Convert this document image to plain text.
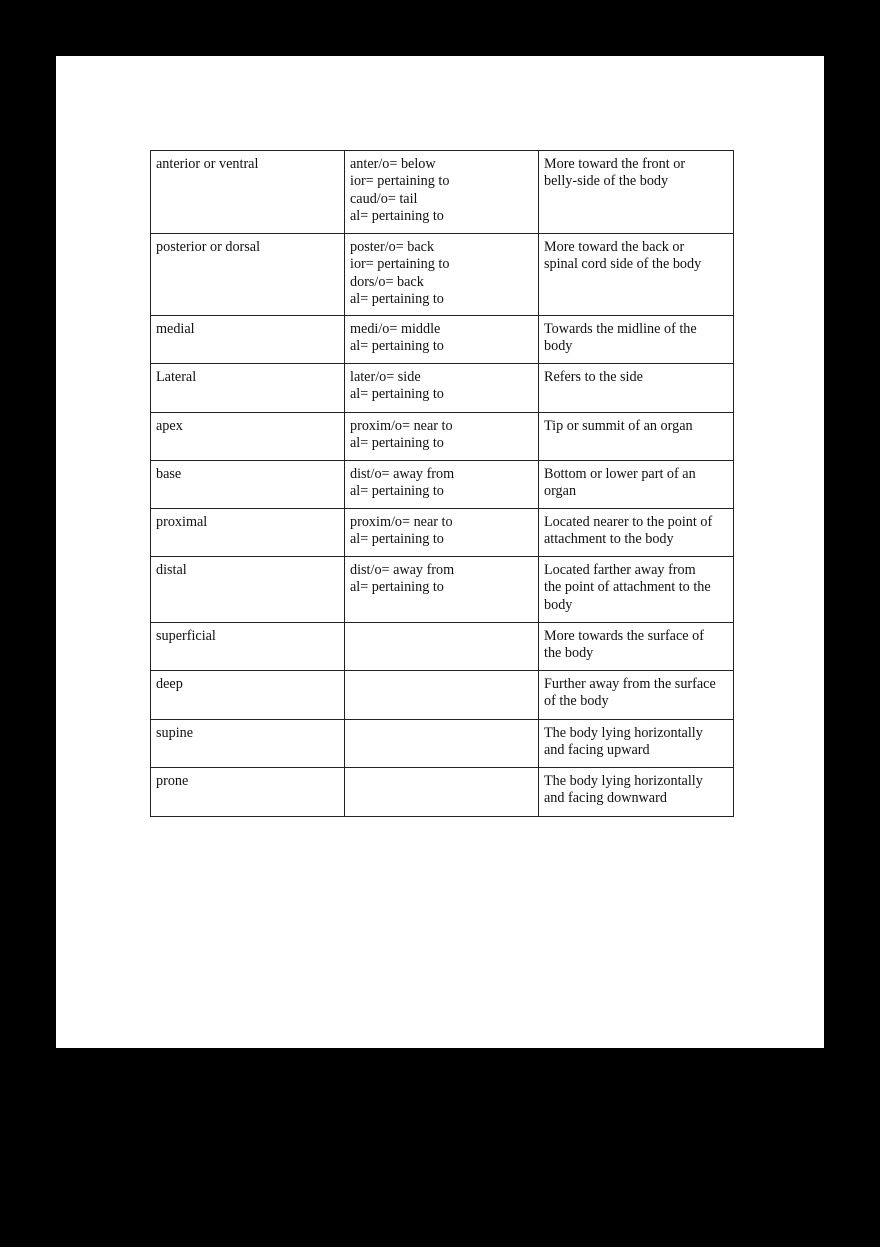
anterior or ventral	anter/o= below
ior= pertaining to
caud/o= tail
al= pertaining to	More toward the front or
belly-side of the body

posterior or dorsal	poster/o= back
ior= pertaining to
dors/o= back
al= pertaining to	More toward the back or
spinal cord side of the body

medial	medi/o= middle
al= pertaining to	Towards the midline of the
body

Lateral	later/o= side
al= pertaining to	Refers to the side

apex	proxim/o= near to
al= pertaining to	Tip or summit of an organ

base	dist/o= away from
al= pertaining to	Bottom or lower part of an
organ

proximal	proxim/o= near to
al= pertaining to	Located nearer to the point of
attachment to the body

distal	dist/o= away from
al= pertaining to	Located farther away from
the point of attachment to the
body

superficial		More towards the surface of
the body

deep		Further away from the surface
of the body

supine		The body lying horizontally
and facing upward

prone		The body lying horizontally
and facing downward
